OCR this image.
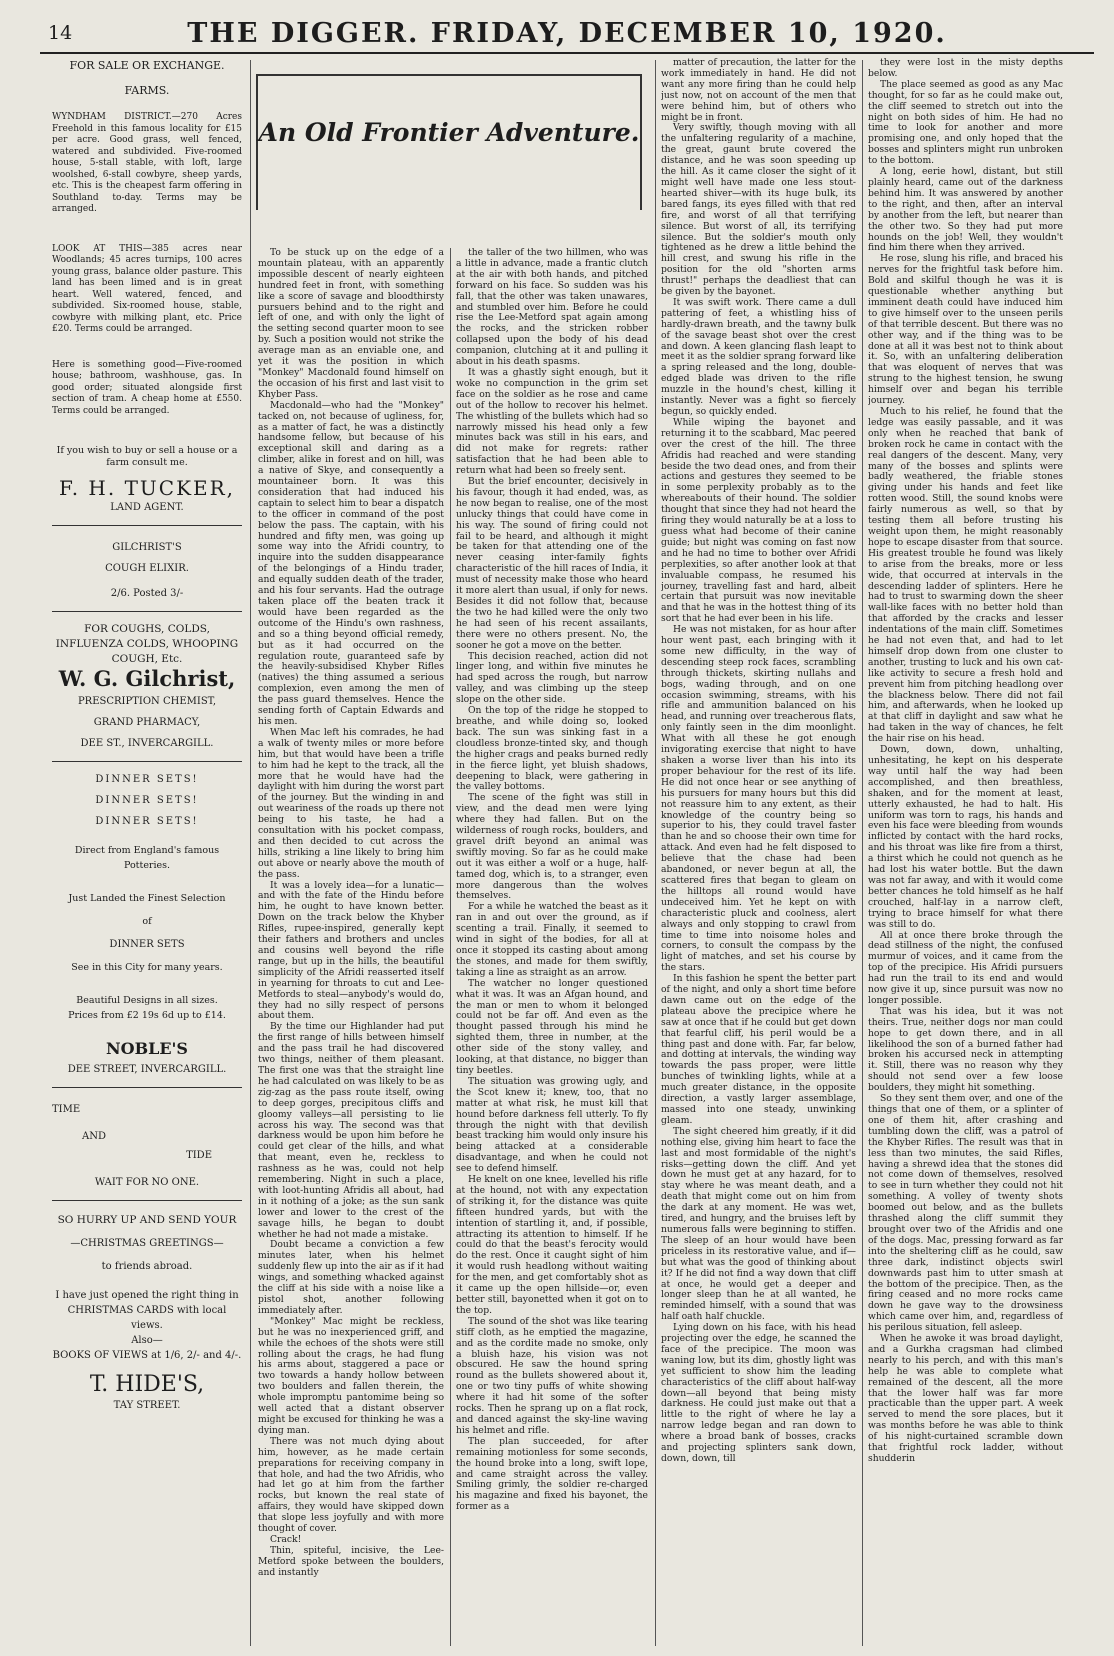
14	THE DIGGER. FRIDAY, DECEMBER 10, 1920.
FOR SALE OR EXCHANGE.
FARMS.
WYNDHAM DISTRICT.—270 Acres Freehold in this famous locality for £15 per acre. Good grass, well fenced, watered and subdivided. Five-roomed house, 5-stall stable, with loft, large woolshed, 6-stall cowbyre, sheep yards, etc. This is the cheapest farm offering in Southland to-day. Terms may be arranged.
LOOK AT THIS—385 acres near Woodlands; 45 acres turnips, 100 acres young grass, balance older pasture. This land has been limed and is in great heart. Well watered, fenced, and subdivided. Six-roomed house, stable, cowbyre with milking plant, etc. Price £20. Terms could be arranged.
Here is something good—Five-roomed house; bathroom, washhouse, gas. In good order; situated alongside first section of tram. A cheap home at £550. Terms could be arranged.
If you wish to buy or sell a house or a farm consult me.
F. H. TUCKER,
LAND AGENT.
GILCHRIST'S
COUGH ELIXIR.
2/6. Posted 3/-
FOR COUGHS, COLDS, INFLUENZA COLDS, WHOOPING COUGH, Etc.
W. G. Gilchrist,
PRESCRIPTION CHEMIST,
GRAND PHARMACY,
DEE ST., INVERCARGILL.
DINNER SETS!
DINNER SETS!
DINNER SETS!
Direct from England's famous Potteries.
Just Landed the Finest Selection
of
DINNER SETS
See in this City for many years.
Beautiful Designs in all sizes.
Prices from £2 19s 6d up to £14.
NOBLE'S
DEE STREET, INVERCARGILL.
TIME
AND
TIDE
WAIT FOR NO ONE.
SO HURRY UP AND SEND YOUR
—CHRISTMAS GREETINGS—
to friends abroad.
I have just opened the right thing in CHRISTMAS CARDS with local views.
Also—
BOOKS OF VIEWS at 1/6, 2/- and 4/-.
T. HIDE'S,
TAY STREET.
An Old Frontier Adventure.

To be stuck up on the edge of a mountain plateau, with an apparently impossible descent of nearly eighteen hundred feet in front, with something like a score of savage and bloodthirsty pursuers behind and to the right and left of one, and with only the light of the setting second quarter moon to see by. Such a position would not strike the average man as an enviable one, and yet it was the position in which "Monkey" Macdonald found himself on the occasion of his first and last visit to Khyber Pass.

Macdonald—who had the "Monkey" tacked on, not because of ugliness, for, as a matter of fact, he was a distinctly handsome fellow, but because of his exceptional skill and daring as a climber, alike in forest and on hill, was a native of Skye, and consequently a mountaineer born. It was this consideration that had induced his captain to select him to bear a dispatch to the officer in command of the post below the pass. The captain, with his hundred and fifty men, was going up some way into the Afridi country, to inquire into the sudden disappearance of the belongings of a Hindu trader, and equally sudden death of the trader, and his four servants. Had the outrage taken place off the beaten track it would have been regarded as the outcome of the Hindu's own rashness, and so a thing beyond official remedy, but as it had occurred on the regulation route, guaranteed safe by the heavily-subsidised Khyber Rifles (natives) the thing assumed a serious complexion, even among the men of the pass guard themselves. Hence the sending forth of Captain Edwards and his men.

When Mac left his comrades, he had a walk of twenty miles or more before him, but that would have been a trifle to him had he kept to the track, all the more that he would have had the daylight with him during the worst part of the journey. But the winding in and out weariness of the roads up there not being to his taste, he had a consultation with his pocket compass, and then decided to cut across the hills, striking a line likely to bring him out above or nearly above the mouth of the pass.

It was a lovely idea—for a lunatic—and with the fate of the Hindu before him, he ought to have known better. Down on the track below the Khyber Rifles, rupee-inspired, generally kept their fathers and brothers and uncles and cousins well beyond the rifle range, but up in the hills, the beautiful simplicity of the Afridi reasserted itself in yearning for throats to cut and Lee-Metfords to steal—anybody's would do, they had no silly respect of persons about them.

By the time our Highlander had put the first range of hills between himself and the pass trail he had discovered two things, neither of them pleasant. The first one was that the straight line he had calculated on was likely to be as zig-zag as the pass route itself, owing to deep gorges, precipitous cliffs and gloomy valleys—all persisting to lie across his way. The second was that darkness would be upon him before he could get clear of the hills, and what that meant, even he, reckless to rashness as he was, could not help remembering. Night in such a place, with loot-hunting Afridis all about, had in it nothing of a joke; as the sun sank lower and lower to the crest of the savage hills, he began to doubt whether he had not made a mistake.

Doubt became a conviction a few minutes later, when his helmet suddenly flew up into the air as if it had wings, and something whacked against the cliff at his side with a noise like a pistol shot, another following immediately after.

"Monkey" Mac might be reckless, but he was no inexperienced griff, and while the echoes of the shots were still rolling about the crags, he had flung his arms about, staggered a pace or two towards a handy hollow between two boulders and fallen therein, the whole impromptu pantomime being so well acted that a distant observer might be excused for thinking he was a dying man.

There was not much dying about him, however, as he made certain preparations for receiving company in that hole, and had the two Afridis, who had let go at him from the farther rocks, but known the real state of affairs, they would have skipped down that slope less joyfully and with more thought of cover.

Crack!

Thin, spiteful, incisive, the Lee-Metford spoke between the boulders, and instantly

the taller of the two hillmen, who was a little in advance, made a frantic clutch at the air with both hands, and pitched forward on his face. So sudden was his fall, that the other was taken unawares, and stumbled over him. Before he could rise the Lee-Metford spat again among the rocks, and the stricken robber collapsed upon the body of his dead companion, clutching at it and pulling it about in his death spasms.

It was a ghastly sight enough, but it woke no compunction in the grim set face on the soldier as he rose and came out of the hollow to recover his helmet. The whistling of the bullets which had so narrowly missed his head only a few minutes back was still in his ears, and did not make for regrets: rather satisfaction that he had been able to return what had been so freely sent.

But the brief encounter, decisively in his favour, though it had ended, was, as he now began to realise, one of the most unlucky things that could have come in his way. The sound of firing could not fail to be heard, and although it might be taken for that attending one of the never ceasing inter-family fights characteristic of the hill races of India, it must of necessity make those who heard it more alert than usual, if only for news. Besides it did not follow that, because the two he had killed were the only two he had seen of his recent assailants, there were no others present. No, the sooner he got a move on the better.

This decision reached, action did not linger long, and within five minutes he had sped across the rough, but narrow valley, and was climbing up the steep slope on the other side.

On the top of the ridge he stopped to breathe, and while doing so, looked back. The sun was sinking fast in a cloudless bronze-tinted sky, and though the higher crags and peaks burned redly in the fierce light, yet bluish shadows, deepening to black, were gathering in the valley bottoms.

The scene of the fight was still in view, and the dead men were lying where they had fallen. But on the wilderness of rough rocks, boulders, and gravel drift beyond an animal was swiftly moving. So far as he could make out it was either a wolf or a huge, half-tamed dog, which is, to a stranger, even more dangerous than the wolves themselves.

For a while he watched the beast as it ran in and out over the ground, as if scenting a trail. Finally, it seemed to wind in sight of the bodies, for all at once it stopped its casting about among the stones, and made for them swiftly, taking a line as straight as an arrow.

The watcher no longer questioned what it was. It was an Afgan hound, and the man or men to whom it belonged could not be far off. And even as the thought passed through his mind he sighted them, three in number, at the other side of the stony valley, and looking, at that distance, no bigger than tiny beetles.

The situation was growing ugly, and the Scot knew it; knew, too, that no matter at what risk, he must kill that hound before darkness fell utterly. To fly through the night with that devilish beast tracking him would only insure his being attacked at a considerable disadvantage, and when he could not see to defend himself.

He knelt on one knee, levelled his rifle at the hound, not with any expectation of striking it, for the distance was quite fifteen hundred yards, but with the intention of startling it, and, if possible, attracting its attention to himself. If he could do that the beast's ferocity would do the rest. Once it caught sight of him it would rush headlong without waiting for the men, and get comfortably shot as it came up the open hillside—or, even better still, bayonetted when it got on to the top.

The sound of the shot was like tearing stiff cloth, as he emptied the magazine, and as the cordite made no smoke, only a bluish haze, his vision was not obscured. He saw the hound spring round as the bullets showered about it, one or two tiny puffs of white showing where it had hit some of the softer rocks. Then he sprang up on a flat rock, and danced against the sky-line waving his helmet and rifle.

The plan succeeded, for after remaining motionless for some seconds, the hound broke into a long, swift lope, and came straight across the valley. Smiling grimly, the soldier re-charged his magazine and fixed his bayonet, the former as a

matter of precaution, the latter for the work immediately in hand. He did not want any more firing than he could help just now, not on account of the men that were behind him, but of others who might be in front.

Very swiftly, though moving with all the unfaltering regularity of a machine, the great, gaunt brute covered the distance, and he was soon speeding up the hill. As it came closer the sight of it might well have made one less stout-hearted shiver—with its huge bulk, its bared fangs, its eyes filled with that red fire, and worst of all that terrifying silence. But worst of all, its terrifying silence. But the soldier's mouth only tightened as he drew a little behind the hill crest, and swung his rifle in the position for the old "shorten arms thrust!" perhaps the deadliest that can be given by the bayonet.

It was swift work. There came a dull pattering of feet, a whistling hiss of hardly-drawn breath, and the tawny bulk of the savage beast shot over the crest and down. A keen glancing flash leapt to meet it as the soldier sprang forward like a spring released and the long, double-edged blade was driven to the rifle muzzle in the hound's chest, killing it instantly. Never was a fight so fiercely begun, so quickly ended.

While wiping the bayonet and returning it to the scabbard, Mac peered over the crest of the hill. The three Afridis had reached and were standing beside the two dead ones, and from their actions and gestures they seemed to be in some perplexity probably as to the whereabouts of their hound. The soldier thought that since they had not heard the firing they would naturally be at a loss to guess what had become of their canine guide; but night was coming on fast now and he had no time to bother over Afridi perplexities, so after another look at that invaluable compass, he resumed his journey, travelling fast and hard, albeit certain that pursuit was now inevitable and that he was in the hottest thing of its sort that he had ever been in his life.

He was not mistaken, for as hour after hour went past, each bringing with it some new difficulty, in the way of descending steep rock faces, scrambling through thickets, skirting nullahs and bogs, wading through, and on one occasion swimming, streams, with his rifle and ammunition balanced on his head, and running over treacherous flats, only faintly seen in the dim moonlight. What with all these he got enough invigorating exercise that night to have shaken a worse liver than his into its proper behaviour for the rest of its life. He did not once hear or see anything of his pursuers for many hours but this did not reassure him to any extent, as their knowledge of the country being so superior to his, they could travel faster than he and so choose their own time for attack. And even had he felt disposed to believe that the chase had been abandoned, or never begun at all, the scattered fires that began to gleam on the hilltops all round would have undeceived him. Yet he kept on with characteristic pluck and coolness, alert always and only stopping to crawl from time to time into noisome holes and corners, to consult the compass by the light of matches, and set his course by the stars.

In this fashion he spent the better part of the night, and only a short time before dawn came out on the edge of the plateau above the precipice where he saw at once that if he could but get down that fearful cliff, his peril would be a thing past and done with. Far, far below, and dotting at intervals, the winding way towards the pass proper, were little bunches of twinkling lights, while at a much greater distance, in the opposite direction, a vastly larger assemblage, massed into one steady, unwinking gleam.

The sight cheered him greatly, if it did nothing else, giving him heart to face the last and most formidable of the night's risks—getting down the cliff. And yet down he must get at any hazard, for to stay where he was meant death, and a death that might come out on him from the dark at any moment. He was wet, tired, and hungry, and the bruises left by numerous falls were beginning to stiffen. The sleep of an hour would have been priceless in its restorative value, and if—but what was the good of thinking about it? If he did not find a way down that cliff at once, he would get a deeper and longer sleep than he at all wanted, he reminded himself, with a sound that was half oath half chuckle.

Lying down on his face, with his head projecting over the edge, he scanned the face of the precipice. The moon was waning low, but its dim, ghostly light was yet sufficient to show him the leading characteristics of the cliff about half-way down—all beyond that being misty darkness. He could just make out that a little to the right of where he lay a narrow ledge began and ran down to where a broad bank of bosses, cracks and projecting splinters sank down, down, down, till

they were lost in the misty depths below.

The place seemed as good as any Mac thought, for so far as he could make out, the cliff seemed to stretch out into the night on both sides of him. He had no time to look for another and more promising one, and only hoped that the bosses and splinters might run unbroken to the bottom.

A long, eerie howl, distant, but still plainly heard, came out of the darkness behind him. It was answered by another to the right, and then, after an interval by another from the left, but nearer than the other two. So they had put more hounds on the job! Well, they wouldn't find him there when they arrived.

He rose, slung his rifle, and braced his nerves for the frightful task before him. Bold and skilful though he was it is questionable whether anything but imminent death could have induced him to give himself over to the unseen perils of that terrible descent. But there was no other way, and if the thing was to be done at all it was best not to think about it. So, with an unfaltering deliberation that was eloquent of nerves that was strung to the highest tension, he swung himself over and began his terrible journey.

Much to his relief, he found that the ledge was easily passable, and it was only when he reached that bank of broken rock he came in contact with the real dangers of the descent. Many, very many of the bosses and splints were badly weathered, the friable stones giving under his hands and feet like rotten wood. Still, the sound knobs were fairly numerous as well, so that by testing them all before trusting his weight upon them, he might reasonably hope to escape disaster from that source. His greatest trouble he found was likely to arise from the breaks, more or less wide, that occurred at intervals in the descending ladder of splinters. Here he had to trust to swarming down the sheer wall-like faces with no better hold than that afforded by the cracks and lesser indentations of the main cliff. Sometimes he had not even that, and had to let himself drop down from one cluster to another, trusting to luck and his own cat-like activity to secure a fresh hold and prevent him from pitching headlong over the blackness below. There did not fail him, and afterwards, when he looked up at that cliff in daylight and saw what he had taken in the way of chances, he felt the hair rise on his head.

Down, down, down, unhalting, unhesitating, he kept on his desperate way until half the way had been accomplished, and then breathless, shaken, and for the moment at least, utterly exhausted, he had to halt. His uniform was torn to rags, his hands and even his face were bleeding from wounds inflicted by contact with the hard rocks, and his throat was like fire from a thirst, a thirst which he could not quench as he had lost his water bottle. But the dawn was not far away, and with it would come better chances he told himself as he half crouched, half-lay in a narrow cleft, trying to brace himself for what there was still to do.

All at once there broke through the dead stillness of the night, the confused murmur of voices, and it came from the top of the precipice. His Afridi pursuers had run the trail to its end and would now give it up, since pursuit was now no longer possible.

That was his idea, but it was not theirs. True, neither dogs nor man could hope to get down there, and in all likelihood the son of a burned father had broken his accursed neck in attempting it. Still, there was no reason why they should not send over a few loose boulders, they might hit something.

So they sent them over, and one of the things that one of them, or a splinter of one of them hit, after crashing and tumbling down the cliff, was a patrol of the Khyber Rifles. The result was that in less than two minutes, the said Rifles, having a shrewd idea that the stones did not come down of themselves, resolved to see in turn whether they could not hit something. A volley of twenty shots boomed out below, and as the bullets thrashed along the cliff summit they brought over two of the Afridis and one of the dogs. Mac, pressing forward as far into the sheltering cliff as he could, saw three dark, indistinct objects swirl downwards past him to utter smash at the bottom of the precipice. Then, as the firing ceased and no more rocks came down he gave way to the drowsiness which came over him, and, regardless of his perilous situation, fell asleep.

When he awoke it was broad daylight, and a Gurkha cragsman had climbed nearly to his perch, and with this man's help he was able to complete what remained of the descent, all the more that the lower half was far more practicable than the upper part. A week served to mend the sore places, but it was months before he was able to think of his night-curtained scramble down that frightful rock ladder, without shudderin
